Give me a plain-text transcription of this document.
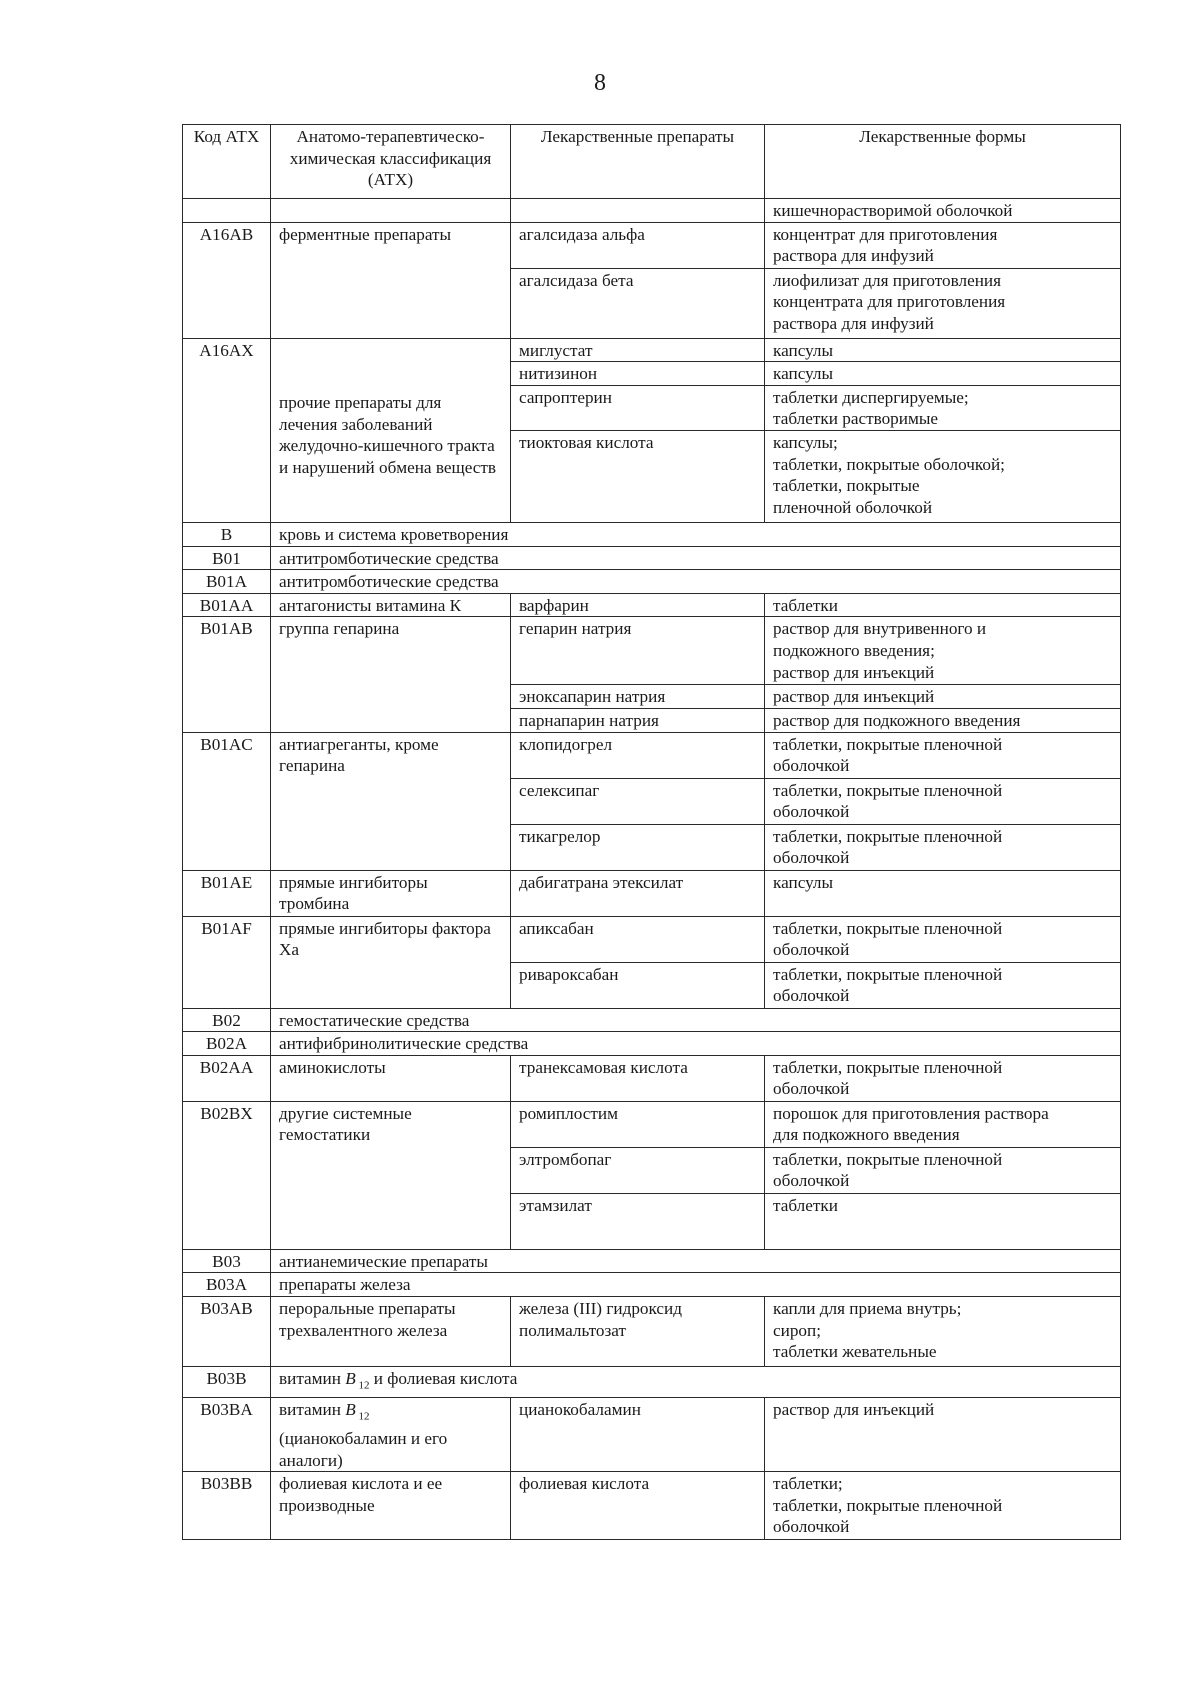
8
Код АТХ	Анатомо-терапевтическо-химическая классификация (АТХ)	Лекарственные препараты	Лекарственные формы

			кишечнорастворимой оболочкой

A16AB	ферментные препараты	агалсидаза альфа	концентрат для приготовления
раствора для инфузий

		агалсидаза бета	лиофилизат для приготовления
концентрата для приготовления
раствора для инфузий

A16AX	прочие препараты для лечения заболеваний желудочно-кишечного тракта и нарушений обмена веществ	миглустат	капсулы

		нитизинон	капсулы

		сапроптерин	таблетки диспергируемые;
таблетки растворимые

		тиоктовая кислота	капсулы;
таблетки, покрытые оболочкой;
таблетки, покрытые
пленочной оболочкой

B	кровь и система кроветворения		
B01	антитромботические средства		
B01A	антитромботические средства		
B01AA	антагонисты витамина К	варфарин	таблетки

B01AB	группа гепарина	гепарин натрия	раствор для внутривенного и
подкожного введения;
раствор для инъекций

		эноксапарин натрия	раствор для инъекций

		парнапарин натрия	раствор для подкожного введения

B01AC	антиагреганты, кроме гепарина	клопидогрел	таблетки, покрытые пленочной
оболочкой

		селексипаг	таблетки, покрытые пленочной
оболочкой

		тикагрелор	таблетки, покрытые пленочной
оболочкой

B01AE	прямые ингибиторы тромбина	дабигатрана этексилат	капсулы

B01AF	прямые ингибиторы фактора Xa	апиксабан	таблетки, покрытые пленочной
оболочкой

		ривароксабан	таблетки, покрытые пленочной
оболочкой

B02	гемостатические средства		
B02A	антифибринолитические средства		
B02AA	аминокислоты	транексамовая кислота	таблетки, покрытые пленочной
оболочкой

B02BX	другие системные гемостатики	ромиплостим	порошок для приготовления раствора
для подкожного введения

		элтромбопаг	таблетки, покрытые пленочной
оболочкой

		этамзилат	таблетки

B03	антианемические препараты		
B03A	препараты железа		
B03AB	пероральные препараты трехвалентного железа	железа (III) гидроксид полимальтозат	капли для приема внутрь;
сироп;
таблетки жевательные

B03B	витамин B $_{12}$ и фолиевая кислота		
B03BA	витамин B $_{12}$
(цианокобаламин и его аналоги)	цианокобаламин	раствор для инъекций

B03BB	фолиевая кислота и ее производные	фолиевая кислота	таблетки;
таблетки, покрытые пленочной
оболочкой
